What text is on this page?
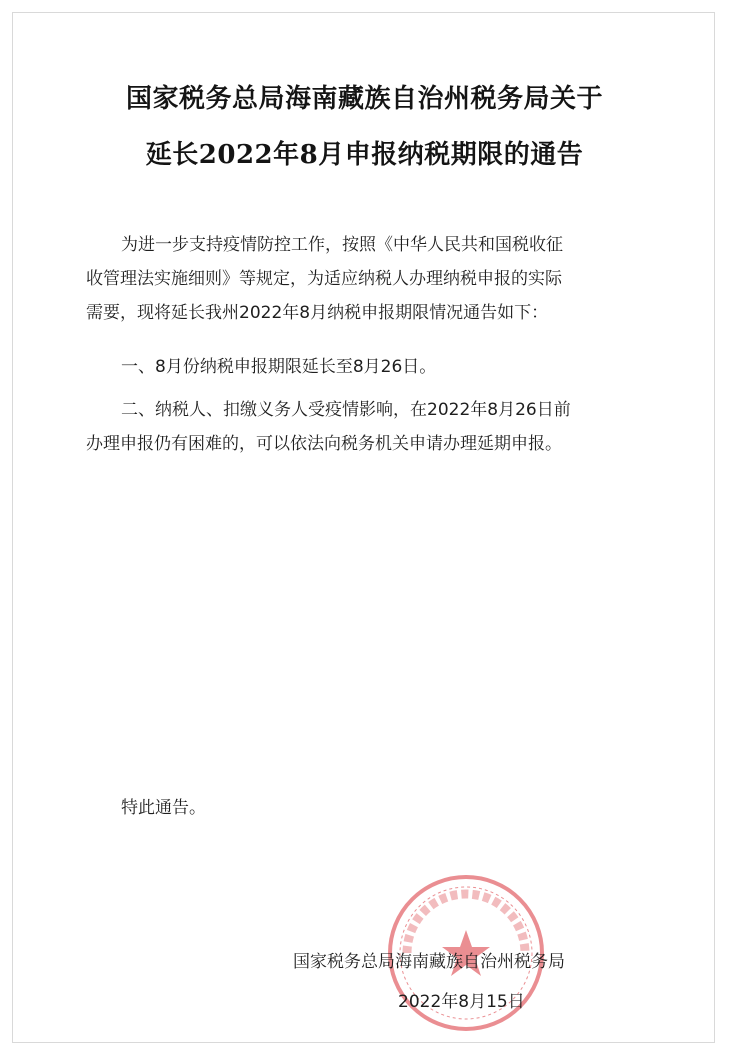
国家税务总局海南藏族自治州税务局关于
延长2022年8月申报纳税期限的通告
为进一步支持疫情防控工作，按照《中华人民共和国税收征
收管理法实施细则》等规定，为适应纳税人办理纳税申报的实际
需要，现将延长我州2022年8月纳税申报期限情况通告如下：
一、8月份纳税申报期限延长至8月26日。
二、纳税人、扣缴义务人受疫情影响，在2022年8月26日前
办理申报仍有困难的，可以依法向税务机关申请办理延期申报。
特此通告。
国家税务总局海南藏族自治州税务局
2022年8月15日
